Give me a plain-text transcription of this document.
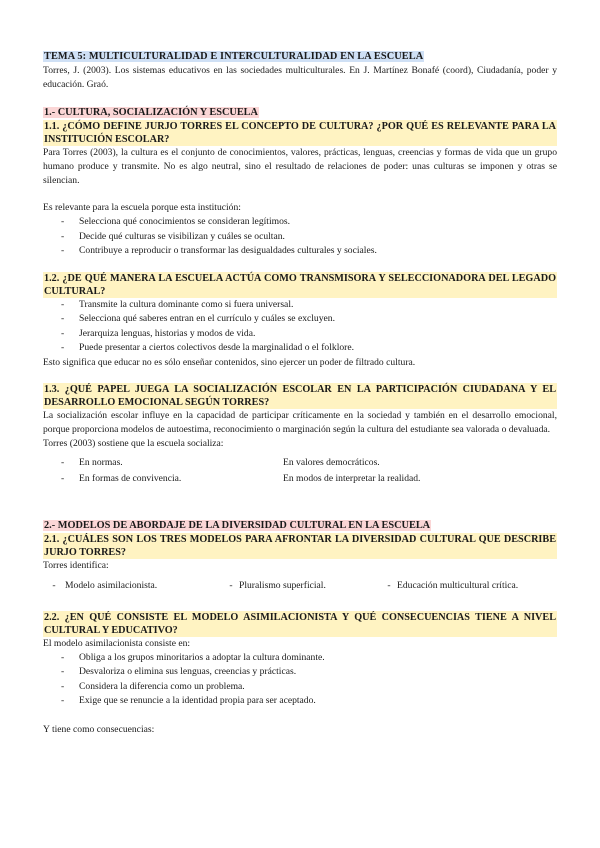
TEMA 5: MULTICULTURALIDAD E INTERCULTURALIDAD EN LA ESCUELA

Torres, J. (2003). Los sistemas educativos en las sociedades multiculturales. En J. Martínez Bonafé (coord), Ciudadanía, poder y educación. Graó.

1.- CULTURA, SOCIALIZACIÓN Y ESCUELA
1.1. ¿CÓMO DEFINE JURJO TORRES EL CONCEPTO DE CULTURA? ¿POR QUÉ ES RELEVANTE PARA LA INSTITUCIÓN ESCOLAR?

Para Torres (2003), la cultura es el conjunto de conocimientos, valores, prácticas, lenguas, creencias y formas de vida que un grupo humano produce y transmite. No es algo neutral, sino el resultado de relaciones de poder: unas culturas se imponen y otras se silencian.

Es relevante para la escuela porque esta institución:

- Selecciona qué conocimientos se consideran legítimos.
- Decide qué culturas se visibilizan y cuáles se ocultan.
- Contribuye a reproducir o transformar las desigualdades culturales y sociales.
1.2. ¿DE QUÉ MANERA LA ESCUELA ACTÚA COMO TRANSMISORA Y SELECCIONADORA DEL LEGADO CULTURAL?
- Transmite la cultura dominante como si fuera universal.
- Selecciona qué saberes entran en el currículo y cuáles se excluyen.
- Jerarquiza lenguas, historias y modos de vida.
- Puede presentar a ciertos colectivos desde la marginalidad o el folklore.

Esto significa que educar no es sólo enseñar contenidos, sino ejercer un poder de filtrado cultura.

1.3. ¿QUÉ PAPEL JUEGA LA SOCIALIZACIÓN ESCOLAR EN LA PARTICIPACIÓN CIUDADANA Y EL DESARROLLO EMOCIONAL SEGÚN TORRES?

La socialización escolar influye en la capacidad de participar críticamente en la sociedad y también en el desarrollo emocional, porque proporciona modelos de autoestima, reconocimiento o marginación según la cultura del estudiante sea valorada o devaluada.

Torres (2003) sostiene que la escuela socializa:

- En normas.
- En formas de convivencia.
En valores democráticos.
En modos de interpretar la realidad.
2.- MODELOS DE ABORDAJE DE LA DIVERSIDAD CULTURAL EN LA ESCUELA
2.1. ¿CUÁLES SON LOS TRES MODELOS PARA AFRONTAR LA DIVERSIDAD CULTURAL QUE DESCRIBE JURJO TORRES?

Torres identifica:

- Modelo asimilacionista.	- Pluralismo superficial.	- Educación multicultural crítica.
2.2. ¿EN QUÉ CONSISTE EL MODELO ASIMILACIONISTA Y QUÉ CONSECUENCIAS TIENE A NIVEL CULTURAL Y EDUCATIVO?

El modelo asimilacionista consiste en:

- Obliga a los grupos minoritarios a adoptar la cultura dominante.
- Desvaloriza o elimina sus lenguas, creencias y prácticas.
- Considera la diferencia como un problema.
- Exige que se renuncie a la identidad propia para ser aceptado.

Y tiene como consecuencias:
